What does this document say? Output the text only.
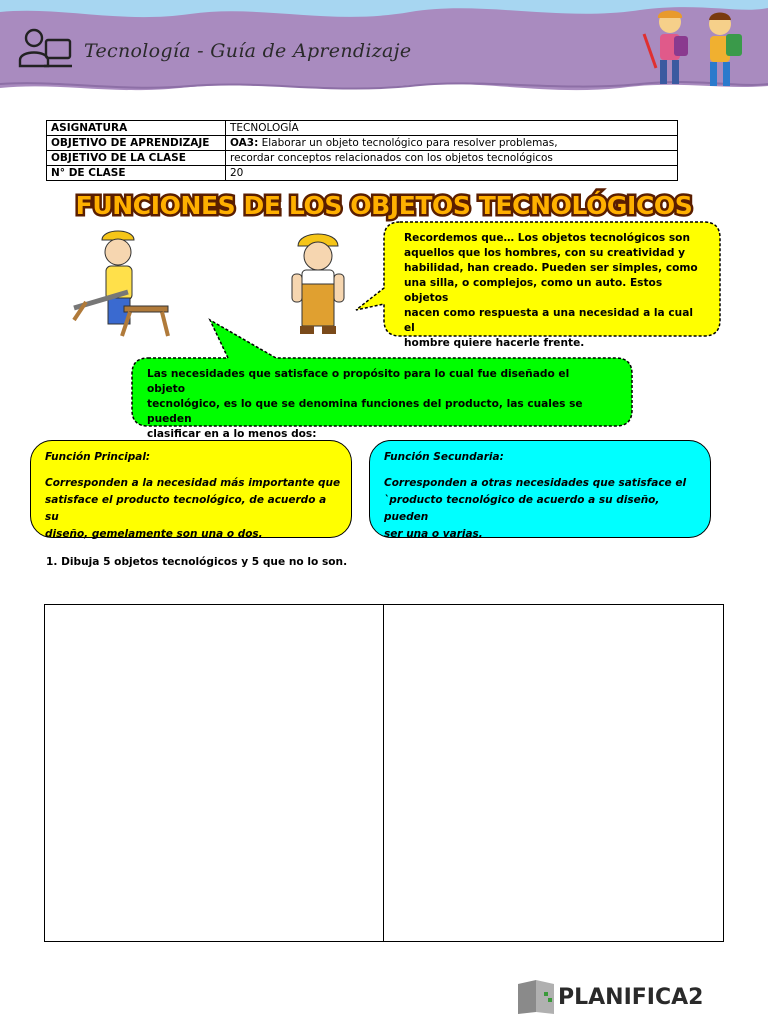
Tecnología - Guía de Aprendizaje
ASIGNATURA	TECNOLOGÍA
OBJETIVO DE APRENDIZAJE	OA3: Elaborar un objeto tecnológico para resolver problemas,
OBJETIVO DE LA CLASE	recordar conceptos relacionados con los objetos tecnológicos
N° DE CLASE	20
FUNCIONES DE LOS OBJETOS TECNOLÓGICOS
Recordemos que… Los objetos tecnológicos son
aquellos que los hombres, con su creatividad y
habilidad, han creado. Pueden ser simples, como
una silla, o complejos, como un auto. Estos objetos
nacen como respuesta a una necesidad a la cual el
hombre quiere hacerle frente.
Las necesidades que satisface o propósito para lo cual fue diseñado el objeto
tecnológico, es lo que se denomina funciones del producto, las cuales se pueden
clasificar en a lo menos dos:
Función Principal:
Corresponden a la necesidad más importante que
satisface el producto tecnológico, de acuerdo a su
diseño, gemelamente son una o dos.
Función Secundaria:
Corresponden a otras necesidades que satisface el
`producto tecnológico de acuerdo a su diseño, pueden
ser una o varias.
1. Dibuja 5 objetos tecnológicos y 5 que no lo son.
PLANIFICA2
